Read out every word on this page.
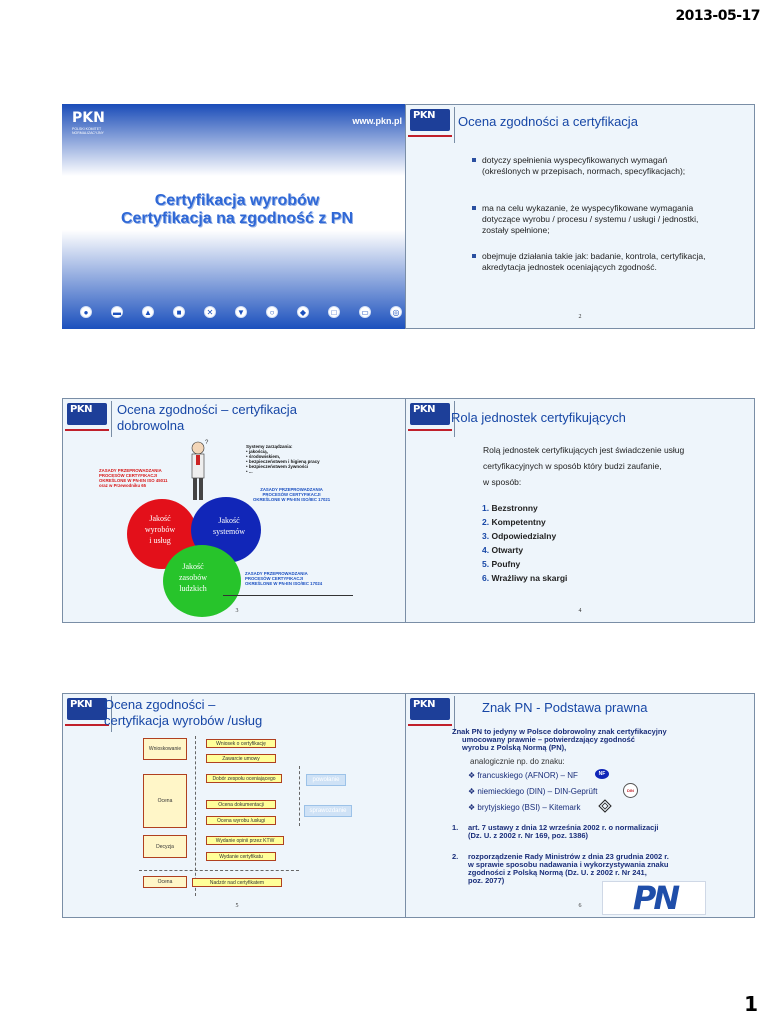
2013-05-17
PKN
POLSKI KOMITET NORMALIZACYJNY
www.pkn.pl
Certyfikacja wyrobów
Certyfikacja na zgodność z PN
●	▬	▲	■	✕	▼	○	◆	□	▭	◎
PKN Ocena zgodności a certyfikacja
dotyczy spełnienia wyspecyfikowanych wymagań (określonych w przepisach, normach, specyfikacjach);
ma na celu wykazanie, że wyspecyfikowane wymagania dotyczące wyrobu / procesu / systemu / usługi / jednostki, zostały spełnione;
obejmuje działania takie jak: badanie, kontrola, certyfikacja, akredytacja jednostek oceniających zgodność.
2
PKN Ocena zgodności – certyfikacja
dobrowolna
?
Systemy zarządzania:
• jakością,
• środowiskiem,
• bezpieczeństwem i higieną pracy
• bezpieczeństwem żywności
• ...
ZASADY PRZEPROWADZANIA
PROCESÓW CERTYFIKACJI
OKREŚLONE W PN-EN ISO 45011
oraz w Przewodniku 65
ZASADY PRZEPROWADZANIA
PROCESÓW CERTYFIKACJI
OKREŚLONE W PN-EN ISO/IEC 17021
Jakość
wyrobów
i usług
Jakość
systemów
Jakość
zasobów
ludzkich
ZASADY PRZEPROWADZANIA
PROCESÓW CERTYFIKACJI
OKREŚLONE W PN-EN ISO/IEC 17024
3
PKN
Rola jednostek certyfikujących
Rolą jednostek certyfikujących jest świadczenie usług
certyfikacyjnych w sposób który budzi zaufanie,
w sposób:
1. Bezstronny
2. Kompetentny
3. Odpowiedzialny
4. Otwarty
5. Poufny
6. Wrażliwy na skargi
4
PKN Ocena zgodności –
certyfikacja wyrobów /usług
Wnioskowanie
Ocena
Decyzja
Ocena
Wniosek o certyfikację
Zawarcie umowy
Dobór zespołu oceniającego
Ocena dokumentacji
Ocena wyrobu /usługi
Wydanie opinii przez KTW
Wydanie certyfikatu
Nadzór nad certyfikatem
powołanie
sprawozdanie
5
PKN	Znak PN - Podstawa prawna
Znak PN to jedyny w Polsce dobrowolny znak certyfikacyjny
umocowany prawnie – potwierdzający zgodność
wyrobu z Polską Normą (PN),
analogicznie np. do znaku:
❖ francuskiego (AFNOR) – NF	NF
❖ niemieckiego (DIN) – DIN-Geprüft	DIN
❖ brytyjskiego (BSI) – Kitemark
1. art. 7 ustawy z dnia 12 września 2002 r. o normalizacji
(Dz. U. z 2002 r. Nr 169, poz. 1386)
2. rozporządzenie Rady Ministrów z dnia 23 grudnia 2002 r.
w sprawie sposobu nadawania i wykorzystywania znaku
zgodności z Polską Normą (Dz. U. z 2002 r. Nr 241,
poz. 2077)	PN
6
1
